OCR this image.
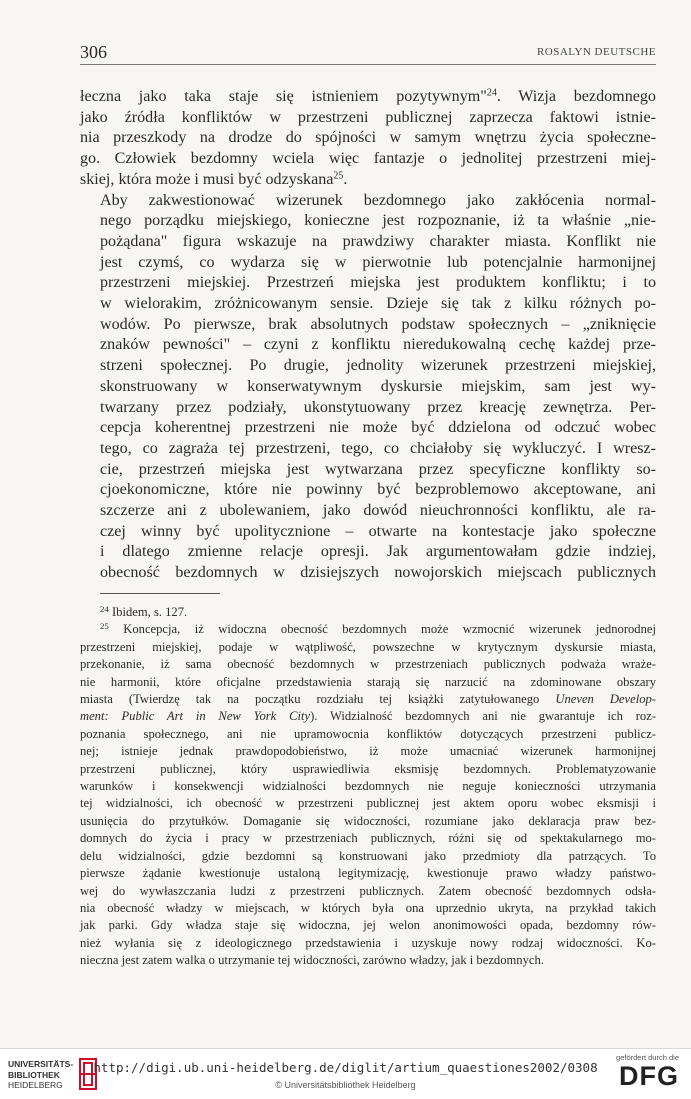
306	ROSALYN DEUTSCHE

łeczna jako taka staje się istnieniem pozytywnym"$^{24}$. Wizja bezdomnego
jako źródła konfliktów w przestrzeni publicznej zaprzecza faktowi istnie-
nia przeszkody na drodze do spójności w samym wnętrzu życia społeczne-
go. Człowiek bezdomny wciela więc fantazje o jednolitej przestrzeni miej-
skiej, która może i musi być odzyskana$^{25}$.

Aby zakwestionować wizerunek bezdomnego jako zakłócenia normal-
nego porządku miejskiego, konieczne jest rozpoznanie, iż ta właśnie „nie-
pożądana" figura wskazuje na prawdziwy charakter miasta. Konflikt nie
jest czymś, co wydarza się w pierwotnie lub potencjalnie harmonijnej
przestrzeni miejskiej. Przestrzeń miejska jest produktem konfliktu; i to
w wielorakim, zróżnicowanym sensie. Dzieje się tak z kilku różnych po-
wodów. Po pierwsze, brak absolutnych podstaw społecznych – „zniknięcie
znaków pewności" – czyni z konfliktu nieredukowalną cechę każdej prze-
strzeni społecznej. Po drugie, jednolity wizerunek przestrzeni miejskiej,
skonstruowany w konserwatywnym dyskursie miejskim, sam jest wy-
twarzany przez podziały, ukonstytuowany przez kreację zewnętrza. Per-
cepcja koherentnej przestrzeni nie może być ddzielona od odczuć wobec
tego, co zagraża tej przestrzeni, tego, co chciałoby się wykluczyć. I wresz-
cie, przestrzeń miejska jest wytwarzana przez specyficzne konflikty so-
cjoekonomiczne, które nie powinny być bezproblemowo akceptowane, ani
szczerze ani z ubolewaniem, jako dowód nieuchronności konfliktu, ale ra-
czej winny być upolitycznione – otwarte na kontestacje jako społeczne
i dlatego zmienne relacje opresji. Jak argumentowałam gdzie indziej,
obecność bezdomnych w dzisiejszych nowojorskich miejscach publicznych

$^{24}$ Ibidem, s. 127.
$^{25}$ Koncepcja, iż widoczna obecność bezdomnych może wzmocnić wizerunek jednorodnej
przestrzeni miejskiej, podaje w wątpliwość, powszechne w krytycznym dyskursie miasta,
przekonanie, iż sama obecność bezdomnych w przestrzeniach publicznych podważa wraże-
nie harmonii, które oficjalne przedstawienia starają się narzucić na zdominowane obszary
miasta (Twierdzę tak na początku rozdziału tej książki zatytułowanego Uneven Develop-
ment: Public Art in New York City). Widzialność bezdomnych ani nie gwarantuje ich roz-
poznania społecznego, ani nie upramowocnia konfliktów dotyczących przestrzeni publicz-
nej; istnieje jednak prawdopodobieństwo, iż może umacniać wizerunek harmonijnej
przestrzeni publicznej, który usprawiedliwia eksmisję bezdomnych. Problematyzowanie
warunków i konsekwencji widzialności bezdomnych nie neguje konieczności utrzymania
tej widzialności, ich obecność w przestrzeni publicznej jest aktem oporu wobec eksmisji i
usunięcia do przytułków. Domaganie się widoczności, rozumiane jako deklaracja praw bez-
domnych do życia i pracy w przestrzeniach publicznych, różni się od spektakularnego mo-
delu widzialności, gdzie bezdomni są konstruowani jako przedmioty dla patrzących. To
pierwsze żądanie kwestionuje ustaloną legitymizację, kwestionuje prawo władzy państwo-
wej do wywłaszczania ludzi z przestrzeni publicznych. Zatem obecność bezdomnych odsła-
nia obecność władzy w miejscach, w których była ona uprzednio ukryta, na przykład takich
jak parki. Gdy władza staje się widoczna, jej welon anonimowości opada, bezdomny rów-
nież wyłania się z ideologicznego przedstawienia i uzyskuje nowy rodzaj widoczności. Ko-
nieczna jest zatem walka o utrzymanie tej widoczności, zarówno władzy, jak i bezdomnych.
UNIVERSITÄTS-
BIBLIOTHEK
HEIDELBERG
http://digi.ub.uni-heidelberg.de/diglit/artium_quaestiones2002/0308
© Universitätsbibliothek Heidelberg
gefördert durch die
DFG
